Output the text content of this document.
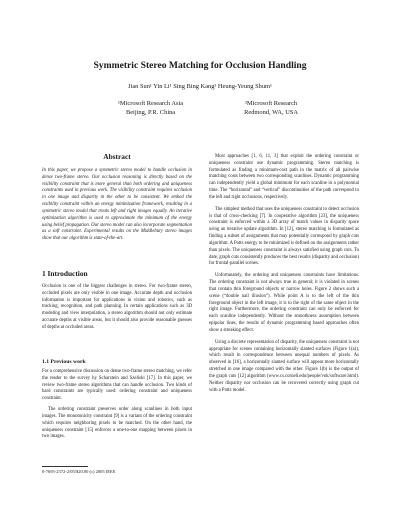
Symmetric Stereo Matching for Occlusion Handling
Jian Sun¹ Yin Li¹ Sing Bing Kang² Heung-Yeung Shum¹
¹Microsoft Research Asia
Beijing, P.R. China
²Microsoft Research
Redmond, WA, USA
Abstract
In this paper, we propose a symmetric stereo model to handle occlusion in dense two-frame stereo. Our occlusion reasoning is directly based on the visibility constraint that is more general than both ordering and uniqueness constraints used in previous work. The visibility constraint requires occlusion in one image and disparity in the other to be consistent. We embed the visibility constraint within an energy minimization framework, resulting in a symmetric stereo model that treats left and right images equally. An iterative optimization algorithm is used to approximate the minimum of the energy using belief propagation. Our stereo model can also incorporate segmentation as a soft constraint. Experimental results on the Middlebury stereo images show that our algorithm is state-of-the-art.
1 Introduction

Occlusion is one of the biggest challenges in stereo. For two-frame stereo, occluded pixels are only visible in one image. Accurate depth and occlusion information is important for applications in vision and robotics, such as tracking, recognition, and path planning. In certain applications such as 3D modeling and view interpolation, a stereo algorithm should not only estimate accurate depths at visible areas, but it should also provide reasonable guesses of depths at occluded areas.

1.1 Previous work

For a comprehensive discussion on dense two-frame stereo matching, we refer the reader to the survey by Scharstein and Szeliski [17]. In this paper, we review two-frame stereo algorithms that can handle occlusion. Two kinds of hard constraints are typically used: ordering constraint and uniqueness constraint.

The ordering constraint preserves order along scanlines in both input images. The monotonicity constraint [9] is a variant of the ordering constraint which requires neighboring pixels to be matched. On the other hand, the uniqueness constraint [15] enforces a one-to-one mapping between pixels in two images.

Most approaches [1, 6, 11, 3] that exploit the ordering constraint or uniqueness constraint use dynamic programming. Stereo matching is formulated as finding a minimum-cost path in the matrix of all pairwise matching costs between two corresponding scanlines. Dynamic programming can independently yield a global minimum for each scanline in a polynomial time. The “horizontal” and “vertical” discontinuities of the path correspond to the left and right occlusions, respectively.

The simplest method that uses the uniqueness constraint to detect occlusion is that of cross-checking [7]. In cooperative algorithm [23], the uniqueness constraint is enforced within a 3D array of match values in disparity space using an iterative update algorithm. In [12], stereo matching is formulated as finding a subset of assignments that may potentially correspond by graph cuts algorithm. A Potts energy to be minimized is defined on the assignments rather than pixels. The uniqueness constraint is always satisfied using graph cuts. To date, graph cuts consistently produces the best results (disparity and occlusion) for frontal-parallel scenes.

Unfortunately, the ordering and uniqueness constraints have limitations. The ordering constraint is not always true in general; it is violated in scenes that contain thin foreground objects or narrow holes. Figure 2 shows such a scene (“double nail illusion”). While point A is to the left of the thin foreground object in the left image, it is to the right of the same object in the right image. Furthermore, the ordering constraint can only be enforced for each scanline independently. Without the smoothness assumption between epipolar lines, the results of dynamic programming based approaches often show a streaking effect.

Using a discrete representation of disparity, the uniqueness constraint is not appropriate for scenes containing horizontally slanted surfaces (Figure 1(a)), which result in correspondence between unequal numbers of pixels. As observed in [16], a horizontally slanted surface will appear more horizontally stretched in one image compared with the other. Figure 1(b) is the output of the graph cuts [12] algorithm (www.cs.cornell.edu/people/vnk/software.html). Neither disparity nor occlusion can be recovered correctly using graph cut with a Potts model.

0-7695-2372-2/05/$20.00 (c) 2005 IEEE
